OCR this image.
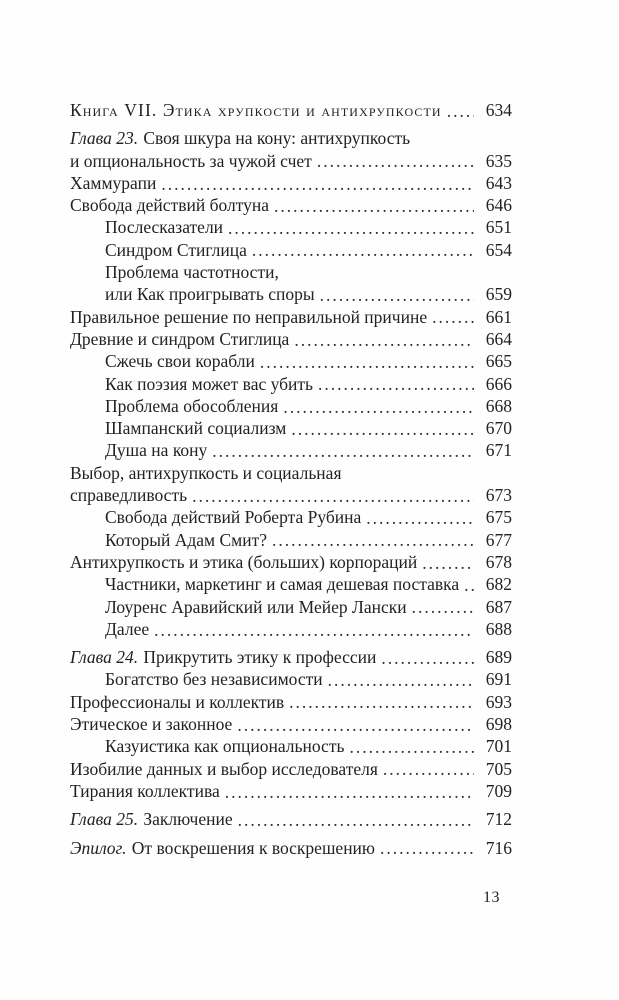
Книга VII. Этика хрупкости и антихрупкости	634
Глава 23. Своя шкура на кону: антихрупкость
и опциональность за чужой счет	635
Хаммурапи	643
Свобода действий болтуна	646
Послесказатели	651
Синдром Стиглица	654
Проблема частотности,
или Как проигрывать споры	659
Правильное решение по неправильной причине	661
Древние и синдром Стиглица	664
Сжечь свои корабли	665
Как поэзия может вас убить	666
Проблема обособления	668
Шампанский социализм	670
Душа на кону	671
Выбор, антихрупкость и социальная
справедливость	673
Свобода действий Роберта Рубина	675
Который Адам Смит?	677
Антихрупкость и этика (больших) корпораций	678
Частники, маркетинг и самая дешевая поставка	682
Лоуренс Аравийский или Мейер Лански	687
Далее	688
Глава 24. Прикрутить этику к профессии	689
Богатство без независимости	691
Профессионалы и коллектив	693
Этическое и законное	698
Казуистика как опциональность	701
Изобилие данных и выбор исследователя	705
Тирания коллектива	709
Глава 25. Заключение	712
Эпилог. От воскрешения к воскрешению	716
13
